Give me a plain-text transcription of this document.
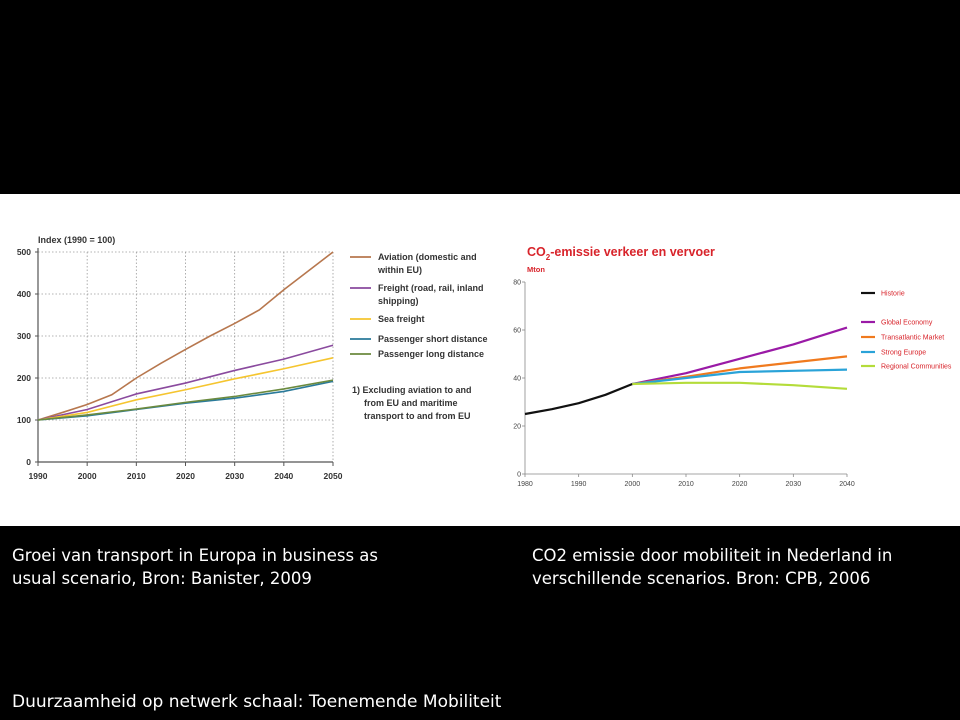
Index (1990 = 100)
0
100
200
300
400
500
1990	2000	2010	2020	2030	2040	2050
Aviation (domestic and
within EU)
Freight (road, rail, inland
shipping)
Sea freight
Passenger short distance
Passenger long distance
1) Excluding aviation to and
from EU and maritime
transport to and from EU
$CO_2$-emissie verkeer en vervoer
Mton
0
20
40
60
80
1980	1990	2000	2010	2020	2030	2040
Historie
Global Economy
Transatlantic Market
Strong Europe
Regional Communities
Groei van transport in Europa in business as
usual scenario, Bron: Banister, 2009
CO2 emissie door mobiliteit in Nederland in
verschillende scenarios. Bron: CPB, 2006
Duurzaamheid op netwerk schaal: Toenemende Mobiliteit
